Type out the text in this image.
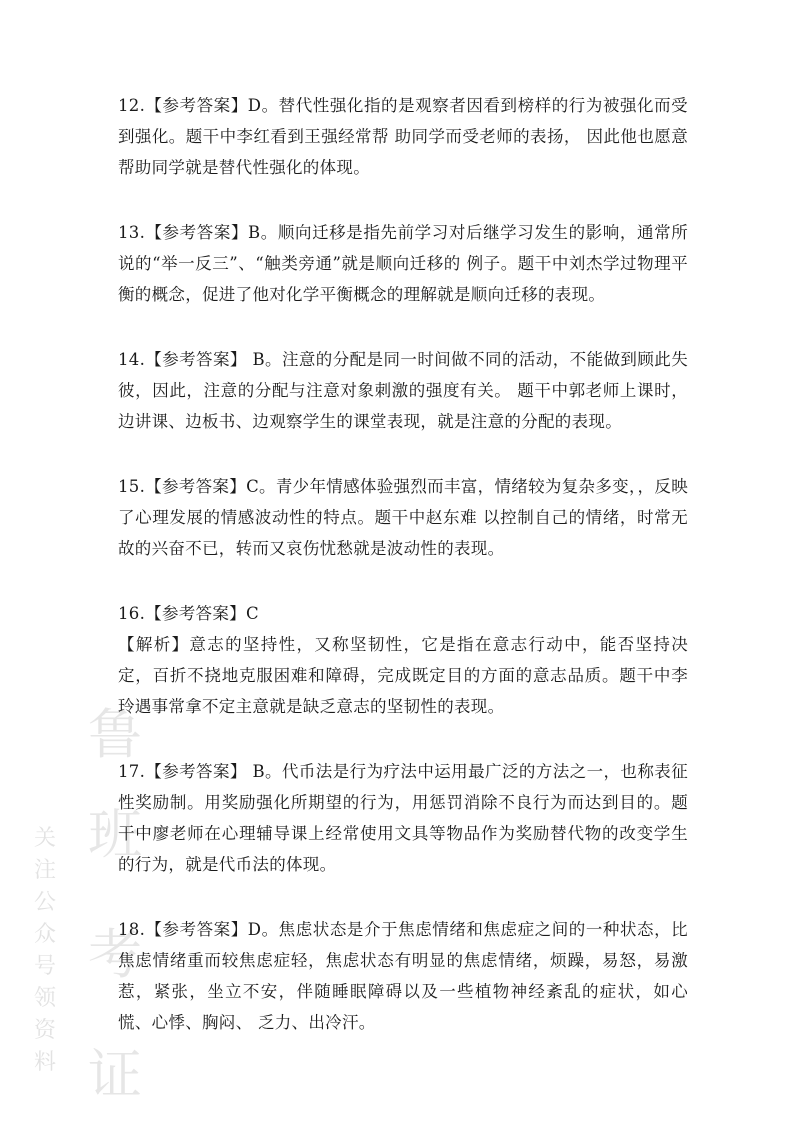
鲁
班
考
证
关
注
公
众
号
领
资
料

12.【参考答案】D。替代性强化指的是观察者因看到榜样的行为被强化而受到强化。题干中李红看到王强经常帮 助同学而受老师的表扬， 因此他也愿意帮助同学就是替代性强化的体现。

13.【参考答案】B。顺向迁移是指先前学习对后继学习发生的影响，通常所说的“举一反三”、“触类旁通”就是顺向迁移的 例子。题干中刘杰学过物理平衡的概念，促进了他对化学平衡概念的理解就是顺向迁移的表现。

14.【参考答案】 B。注意的分配是同一时间做不同的活动，不能做到顾此失彼，因此，注意的分配与注意对象刺激的强度有关。 题干中郭老师上课时，边讲课、边板书、边观察学生的课堂表现，就是注意的分配的表现。

15.【参考答案】C。青少年情感体验强烈而丰富，情绪较为复杂多变，，反映了心理发展的情感波动性的特点。题干中赵东难 以控制自己的情绪，时常无故的兴奋不已，转而又哀伤忧愁就是波动性的表现。

16.【参考答案】C

【解析】意志的坚持性，又称坚韧性，它是指在意志行动中，能否坚持决定，百折不挠地克服困难和障碍，完成既定目的方面的意志品质。题干中李玲遇事常拿不定主意就是缺乏意志的坚韧性的表现。

17.【参考答案】 B。代币法是行为疗法中运用最广泛的方法之一，也称表征性奖励制。用奖励强化所期望的行为，用惩罚消除不良行为而达到目的。题干中廖老师在心理辅导课上经常使用文具等物品作为奖励替代物的改变学生的行为，就是代币法的体现。

18.【参考答案】D。焦虑状态是介于焦虑情绪和焦虑症之间的一种状态，比焦虑情绪重而较焦虑症轻，焦虑状态有明显的焦虑情绪，烦躁，易怒，易激惹，紧张，坐立不安，伴随睡眠障碍以及一些植物神经紊乱的症状，如心慌、心悸、胸闷、 乏力、出冷汗。
